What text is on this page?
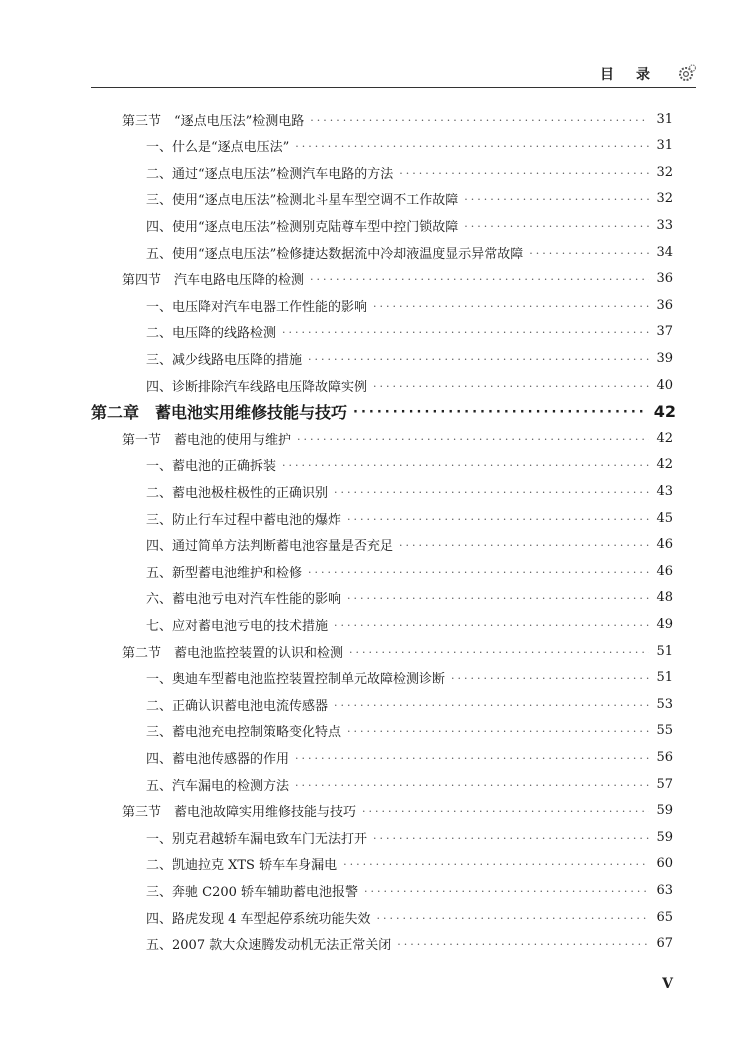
目录
第三节　“逐点电压法”检测电路 ·····	31
一、什么是“逐点电压法” ·····	31
二、通过“逐点电压法”检测汽车电路的方法 ·····	32
三、使用“逐点电压法”检测北斗星车型空调不工作故障 ·····	32
四、使用“逐点电压法”检测别克陆尊车型中控门锁故障 ·····	33
五、使用“逐点电压法”检修捷达数据流中冷却液温度显示异常故障 ·····	34
第四节　汽车电路电压降的检测 ·····	36
一、电压降对汽车电器工作性能的影响 ·····	36
二、电压降的线路检测 ·····	37
三、减少线路电压降的措施 ·····	39
四、诊断排除汽车线路电压降故障实例 ·····	40
第二章　蓄电池实用维修技能与技巧 ·····	42
第一节　蓄电池的使用与维护 ·····	42
一、蓄电池的正确拆装 ·····	42
二、蓄电池极柱极性的正确识别 ·····	43
三、防止行车过程中蓄电池的爆炸 ·····	45
四、通过简单方法判断蓄电池容量是否充足 ·····	46
五、新型蓄电池维护和检修 ·····	46
六、蓄电池亏电对汽车性能的影响 ·····	48
七、应对蓄电池亏电的技术措施 ·····	49
第二节　蓄电池监控装置的认识和检测 ·····	51
一、奥迪车型蓄电池监控装置控制单元故障检测诊断 ·····	51
二、正确认识蓄电池电流传感器 ·····	53
三、蓄电池充电控制策略变化特点 ·····	55
四、蓄电池传感器的作用 ·····	56
五、汽车漏电的检测方法 ·····	57
第三节　蓄电池故障实用维修技能与技巧 ·····	59
一、别克君越轿车漏电致车门无法打开 ·····	59
二、凯迪拉克 XTS 轿车车身漏电 ·····	60
三、奔驰 C200 轿车辅助蓄电池报警 ·····	63
四、路虎发现 4 车型起停系统功能失效 ·····	65
五、2007 款大众速腾发动机无法正常关闭 ·····	67
V
